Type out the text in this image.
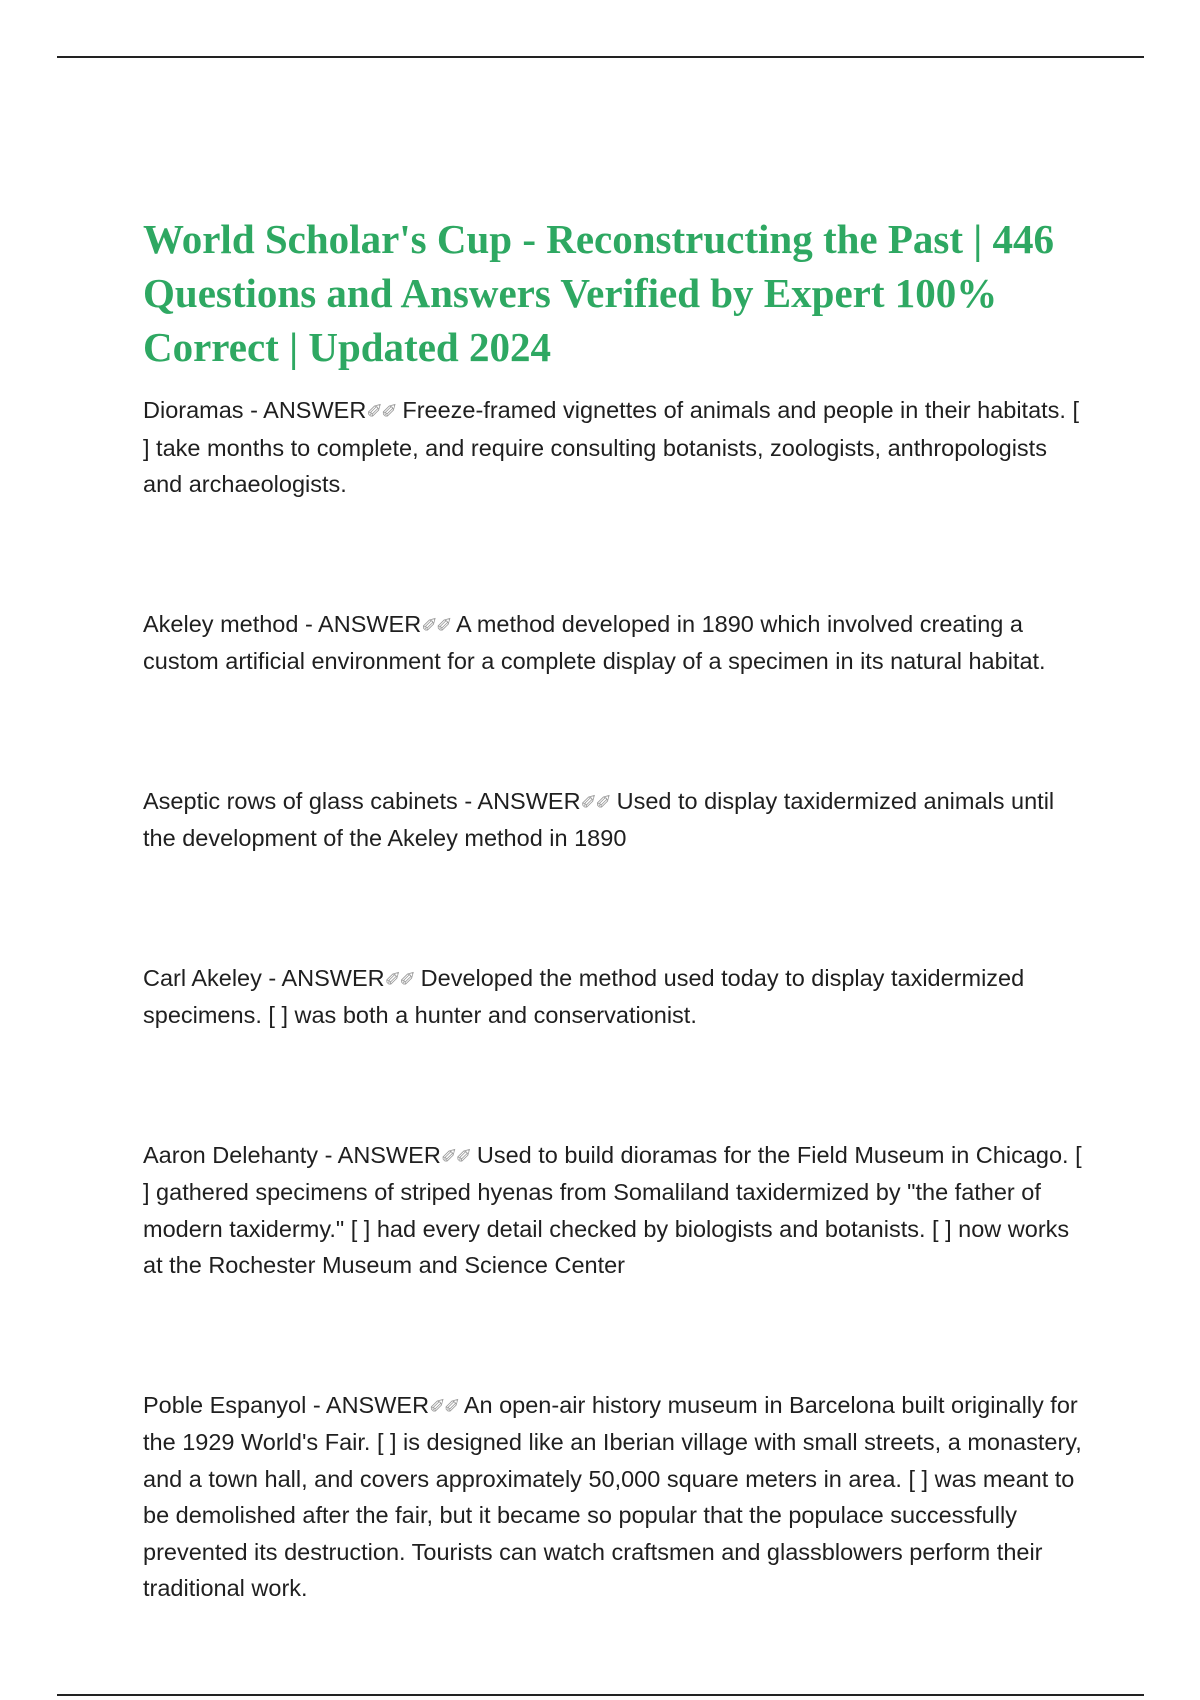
World Scholar's Cup - Reconstructing the Past | 446 Questions and Answers Verified by Expert 100% Correct | Updated 2024

Dioramas - ANSWER✐✐ Freeze-framed vignettes of animals and people in their habitats. [ ] take months to complete, and require consulting botanists, zoologists, anthropologists and archaeologists.

Akeley method - ANSWER✐✐ A method developed in 1890 which involved creating a custom artificial environment for a complete display of a specimen in its natural habitat.

Aseptic rows of glass cabinets - ANSWER✐✐ Used to display taxidermized animals until the development of the Akeley method in 1890

Carl Akeley - ANSWER✐✐ Developed the method used today to display taxidermized specimens. [ ] was both a hunter and conservationist.

Aaron Delehanty - ANSWER✐✐ Used to build dioramas for the Field Museum in Chicago. [ ] gathered specimens of striped hyenas from Somaliland taxidermized by "the father of modern taxidermy." [ ] had every detail checked by biologists and botanists. [ ] now works at the Rochester Museum and Science Center

Poble Espanyol - ANSWER✐✐ An open-air history museum in Barcelona built originally for the 1929 World's Fair. [ ] is designed like an Iberian village with small streets, a monastery, and a town hall, and covers approximately 50,000 square meters in area. [ ] was meant to be demolished after the fair, but it became so popular that the populace successfully prevented its destruction. Tourists can watch craftsmen and glassblowers perform their traditional work.
